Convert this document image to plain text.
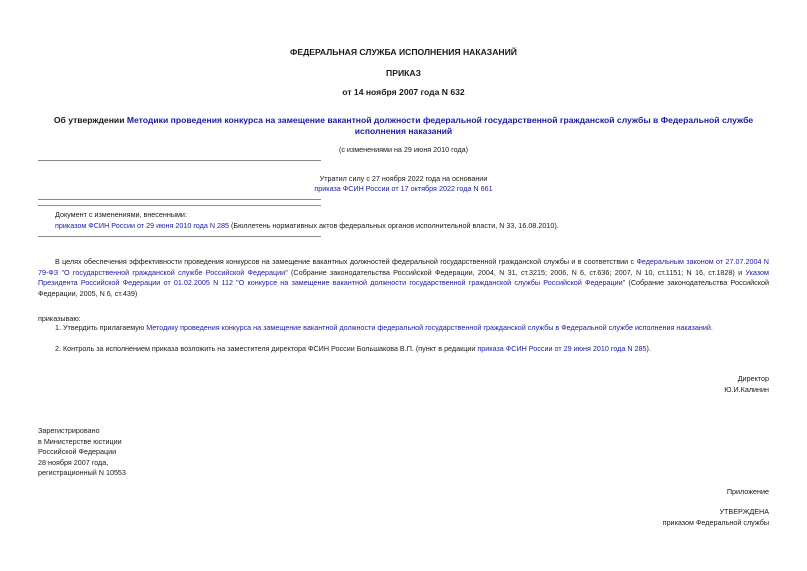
ФЕДЕРАЛЬНАЯ СЛУЖБА ИСПОЛНЕНИЯ НАКАЗАНИЙ
ПРИКАЗ
от 14 ноября 2007 года N 632
Об утверждении Методики проведения конкурса на замещение вакантной должности федеральной государственной гражданской службы в Федеральной службе исполнения наказаний
(с изменениями на 29 июня 2010 года)
Утратил силу с 27 ноября 2022 года на основании
приказа ФСИН России от 17 октября 2022 года N 661
Документ с изменениями, внесенными:
приказом ФСИН России от 29 июня 2010 года N 285 (Бюллетень нормативных актов федеральных органов исполнительной власти, N 33, 16.08.2010).
В целях обеспечения эффективности проведения конкурсов на замещение вакантных должностей федеральной государственной гражданской службы и в соответствии с Федеральным законом от 27.07.2004 N 79-ФЗ "О государственной гражданской службе Российской Федерации" (Собрание законодательства Российской Федерации, 2004, N 31, ст.3215; 2006, N 6, ст.636; 2007, N 10, ст.1151; N 16, ст.1828) и Указом Президента Российской Федерации от 01.02.2005 N 112 "О конкурсе на замещение вакантной должности государственной гражданской службы Российской Федерации" (Собрание законодательства Российской Федерации, 2005, N 6, ст.439)
приказываю:
1. Утвердить прилагаемую Методику проведения конкурса на замещение вакантной должности федеральной государственной гражданской службы в Федеральной службе исполнения наказаний.
2. Контроль за исполнением приказа возложить на заместителя директора ФСИН России Большакова В.П. (пункт в редакции приказа ФСИН России от 29 июня 2010 года N 285).

Директор

Ю.И.Калинин

Зарегистрировано

в Министерстве юстиции

Российской Федерации

28 ноября 2007 года,

регистрационный N 10553

Приложение

УТВЕРЖДЕНА

приказом Федеральной службы
